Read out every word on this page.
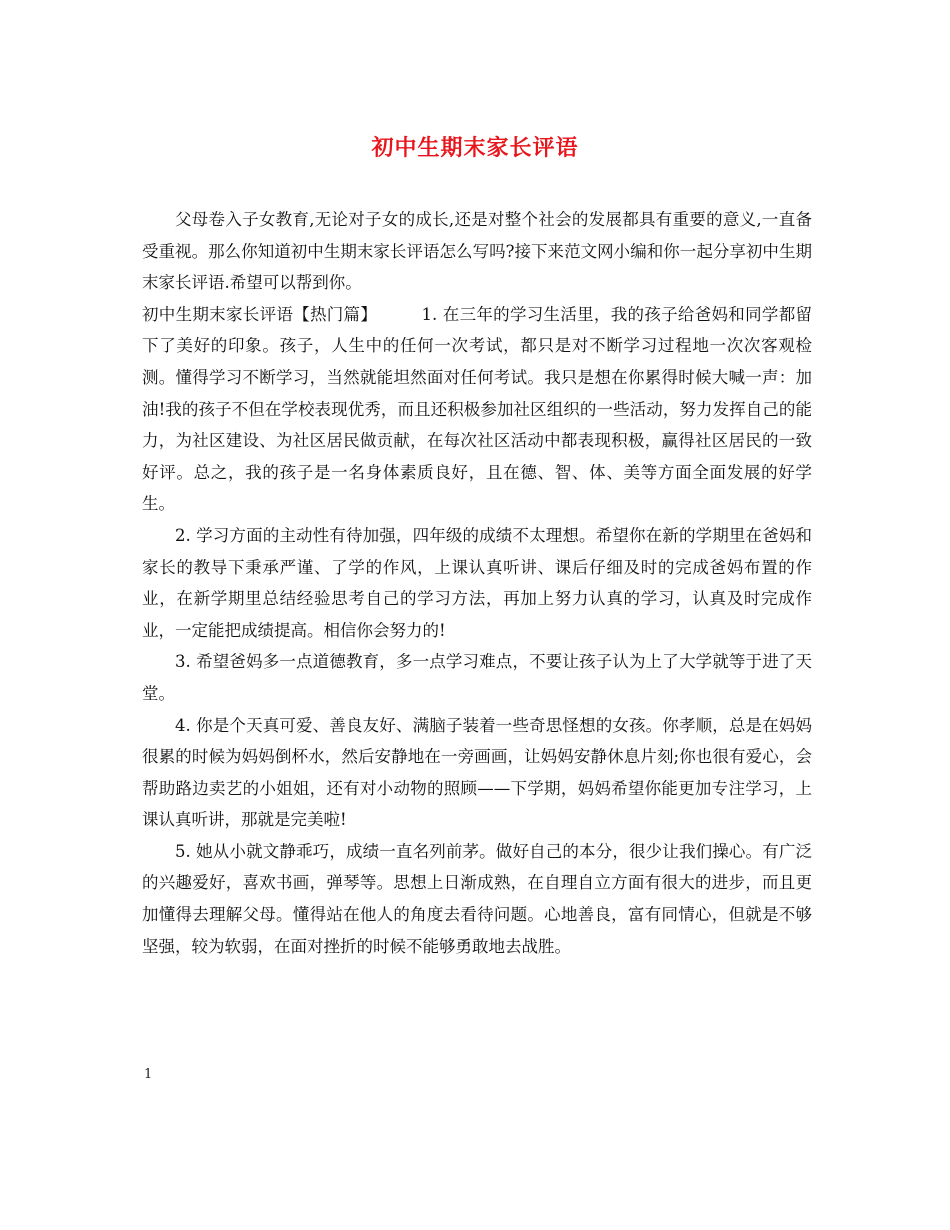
初中生期末家长评语

父母卷入子女教育,无论对子女的成长,还是对整个社会的发展都具有重要的意义,一直备受重视。那么你知道初中生期末家长评语怎么写吗?接下来范文网小编和你一起分享初中生期末家长评语.希望可以帮到你。

初中生期末家长评语【热门篇】        1. 在三年的学习生活里，我的孩子给爸妈和同学都留下了美好的印象。孩子，人生中的任何一次考试，都只是对不断学习过程地一次次客观检测。懂得学习不断学习，当然就能坦然面对任何考试。我只是想在你累得时候大喊一声：加油!我的孩子不但在学校表现优秀，而且还积极参加社区组织的一些活动，努力发挥自己的能力，为社区建设、为社区居民做贡献，在每次社区活动中都表现积极，赢得社区居民的一致好评。总之，我的孩子是一名身体素质良好，且在德、智、体、美等方面全面发展的好学生。

2. 学习方面的主动性有待加强，四年级的成绩不太理想。希望你在新的学期里在爸妈和家长的教导下秉承严谨、了学的作风，上课认真听讲、课后仔细及时的完成爸妈布置的作业，在新学期里总结经验思考自己的学习方法，再加上努力认真的学习，认真及时完成作业，一定能把成绩提高。相信你会努力的!

3. 希望爸妈多一点道德教育，多一点学习难点，不要让孩子认为上了大学就等于进了天堂。

4. 你是个天真可爱、善良友好、满脑子装着一些奇思怪想的女孩。你孝顺，总是在妈妈很累的时候为妈妈倒杯水，然后安静地在一旁画画，让妈妈安静休息片刻;你也很有爱心，会帮助路边卖艺的小姐姐，还有对小动物的照顾——下学期，妈妈希望你能更加专注学习，上课认真听讲，那就是完美啦!

5. 她从小就文静乖巧，成绩一直名列前茅。做好自己的本分，很少让我们操心。有广泛的兴趣爱好，喜欢书画，弹琴等。思想上日渐成熟，在自理自立方面有很大的进步，而且更加懂得去理解父母。懂得站在他人的角度去看待问题。心地善良，富有同情心，但就是不够坚强，较为软弱，在面对挫折的时候不能够勇敢地去战胜。

1
